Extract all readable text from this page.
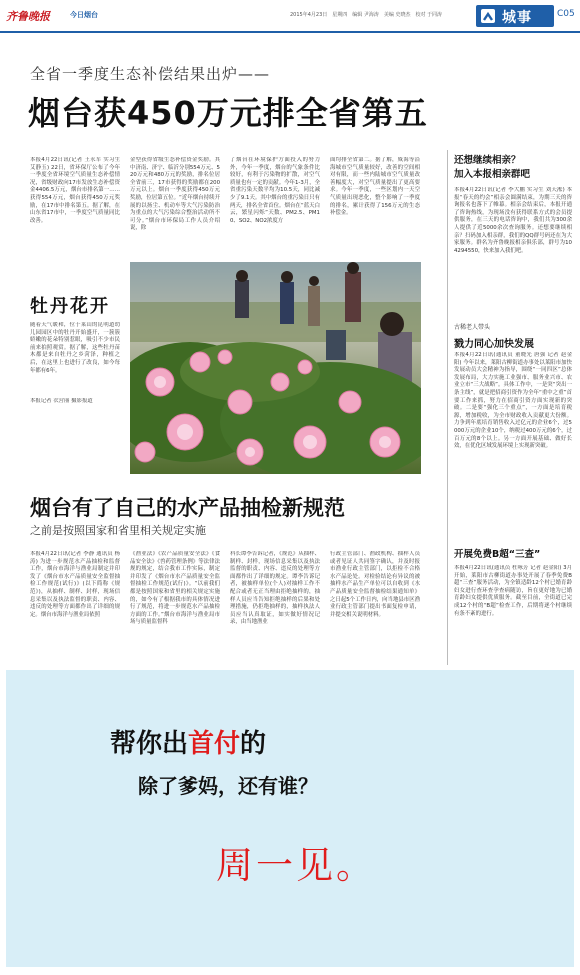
齐鲁晚报	今日烟台	2015年4月23日　星期四　编辑 尹海涛　美编 史晓杰　校对 于同涛	城事	C05
全省一季度生态补偿结果出炉——
烟台获450万元排全省第五
本报4月22日讯(记者 王永军 实习生 艾静玉) 22日，省环保厅公布了今年一季度全省环境空气质量生态补偿情况，省级财政向17市发放生态补偿资金4406.5万元，烟台市排名第一……获得554万元，烟台获得450万元奖励，在17市中排名第五。据了解，在山东省17市中，一季度空气质量同比改善。
金型获得省级生态补偿资金奖励。其中济南、济宁、临沂分别554万元、520万元和480万元的奖励，排名位居全省前三，17市获得的奖励都在200万元以上。烟台一季度获得450万元奖励，位居第五位。“近年烟台持续开展的以扬尘、机动车等大气污染防治为重点的大气污染综合整治活动所不可分。”烟台市环保局工作人员介绍说，除
了烟台在环境保护方面投入的努力外，今年一季度，烟台的气象条件比较好，有利于污染物的扩散，对空气质量也有一定的贡献。今年1-3月，全省重污染天数平均为10.5天，同比减少了9.1天。其中烟台的重污染日只有两天，排名全省首位。烟台在“蓝天白云，繁星闪烁”天数、PM2.5、PM10、SO2、NO2浓度方
面均排全省第二。据了解，威海等沿海城市空气质量较好，改善的空间相对有限，而一些内陆城市空气质量改善幅度大，对空气质量提出了更高要求。今年一季度，一些区划内一天空气质量出现恶化，整个影响了一季度的排名，累计获得了156万元的生态补偿金。
还想继续相亲？
加入本报相亲群吧
本报4月22日讯(记者 李大鹏 实习生 刘天淞) 本报“春天的约会”相亲会圆满结束，为期三天的咨询报名也落下了帷幕。相亲会结束后，本报开通了咨询热线，为现场没有获得联系方式的会员提供服务，在三天的电话咨询中，我们共为300余人提供了近5000余次查询服务。还想要继续相亲？扫码加入相亲群，我们的QQ群号码还在为大家服务。群名为齐鲁晚报相亲俱乐部，群号为104294550，快来加入我们吧。
牡丹花开
随着天气暖和，位于莱山的昆明道幼儿园园区中的牡丹开始盛开，一簇簇娇嫩的花朵特别惹眼，吸引不少市民前来拍照观赏。据了解，这些牡丹苗木都是来自牡丹之乡菏泽，种植之后，在这里上也进行了改良，如今每年都有6年。
本报记者 衣营丽 摄影报道
古稀老人带头
戮力同心加快发展
本报4月22日讯(通讯员 董晓光 唐强 记者 赵金阳) 今年以来，莱阳古柳街道办事处以莱阳市加快发展动员大会精神为指导，围绕“一同四区”总体发展布局，大力实施工业强市、服务业兴市、农业立市“三大战略”。具体工作中，一是突“突出一条主线”，就是把招商引资作为全年“重中之重”首要工作来抓，努力在招商引资方面实现新的突破。二是要“强化三个重点”，一方面是培育税源，增加税收，为全市财政收入贡献更大份额。力争到年底培育销售收入过亿元的企业6个，过5000万元的企业10个，纳税过400万元的6个，过百万元的8个以上。另一方面开展基础、做好长效，在优化区域发展环境上实现新突破。
烟台有了自己的水产品抽检新规范
之前是按照国家和省里相关规定实施
本报4月22日讯(记者 李静 通讯员 杨涛) 为进一步规范水产品抽检和监督工作，烟台市海洋与渔业局制定并印发了《烟台市水产品质量安全监督抽检工作规范(试行)》(以下简称《规范》)，从抽样、制样、封样，现场信息采集以及执法监督的职责、内容、违反的处理等方面都作出了详细的规定。烟台市海洋与渔业局依照
《渔业法》《农产品质量安全法》《食品安全法》《兽药管理条例》等法律法规的规定，结合我市工作实际，制定并印发了《烟台市水产品质量安全监督抽检工作规范(试行)》。“以前我们都是按照国家和省里的相关规定实施的，如今有了根据我市的具体情况进行了规范，将进一步规范水产品抽检方面的工作。”烟台市海洋与渔业局市场与质量监督科
科长谭李告诉记者，《规范》从抽样、制样、封样，现场信息采集以及执法监督的职责、内容、违反的处理等方面都作出了详细的规定。谭李告诉记者，被抽样单位(个人)对抽样工作不配合或者无正当理由拒绝抽样的，抽样人员应当告知拒绝抽样的后果和处理措施，仍拒绝抽样的，抽样执法人员应当认真取证，如实做好情况记录，由当地渔业
行政主管部门、渔政机构、抽样人员或者见证人共同签字确认，并及时报市渔业行政主管部门，以拒检不合格水产品论处。对检验结论有异议的被抽样水产品生产单位可以自收到《水产品质量安全监督抽检结果通知单》之日起5个工作日内，向当地县市区渔业行政主管部门提出书面复检申请，并提交相关说明材料。
开展免费B超“三查”
本报4月22日讯(通讯员 杜咏芳 记者 赵金阳) 3月开始，莱阳市古柳街道办事处开展了春季免费B超“三查”服务活动，为全镇适龄12个村已婚育龄妇女进行查环查孕查病随访，旨在更好地为已婚育龄妇女提供优质服务。截至目前，全街道已完成12个村的“B超”检查工作，后期将逐个村继续有条不紊的进行。
帮你出首付的
除了爹妈，还有谁？
周一见。
